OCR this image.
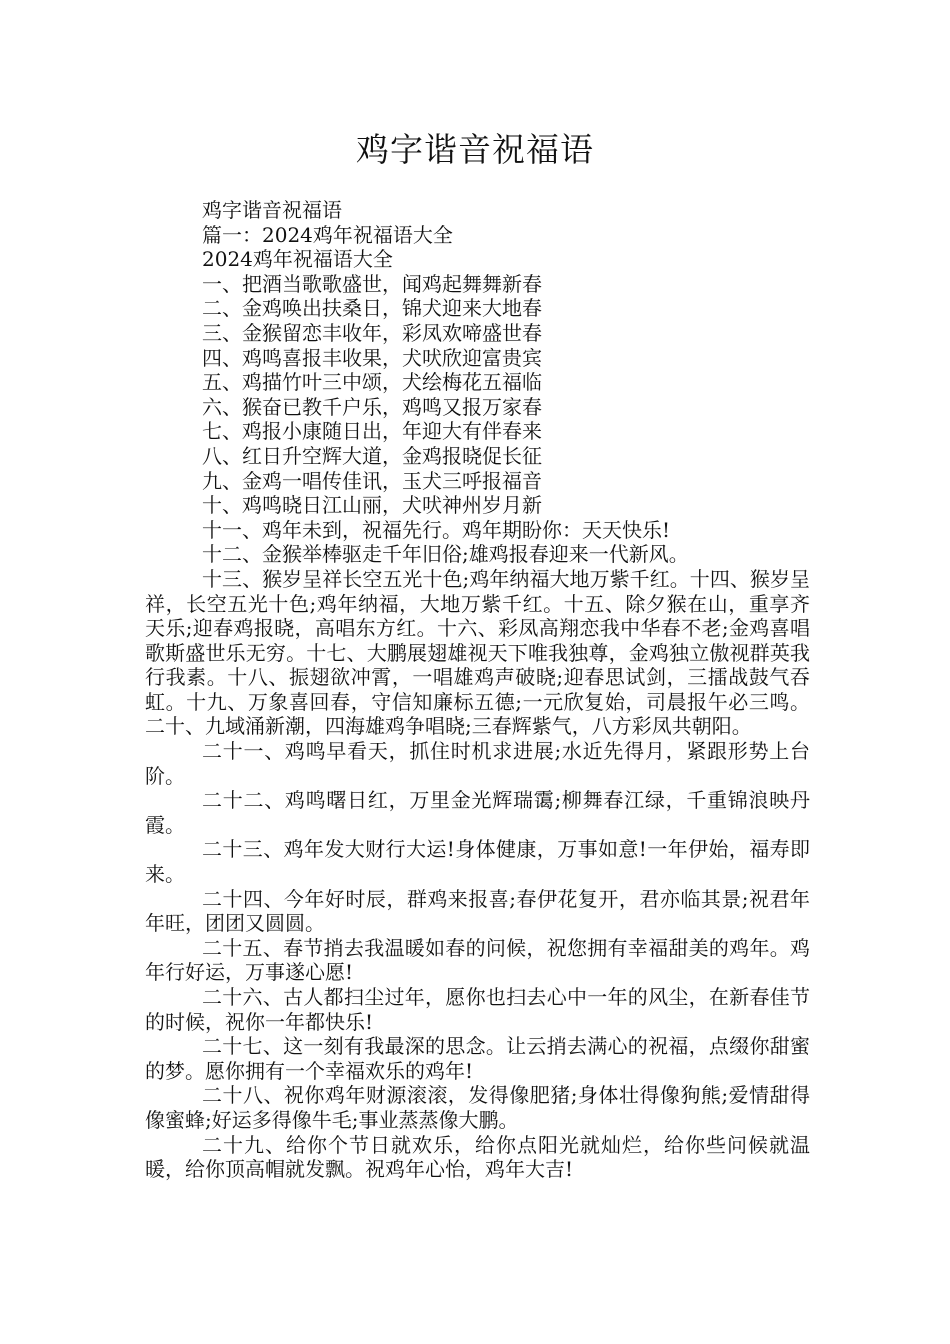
鸡字谐音祝福语

鸡字谐音祝福语

篇一：2024鸡年祝福语大全

2024鸡年祝福语大全

一、把酒当歌歌盛世，闻鸡起舞舞新春

二、金鸡唤出扶桑日，锦犬迎来大地春

三、金猴留恋丰收年，彩凤欢啼盛世春

四、鸡鸣喜报丰收果，犬吠欣迎富贵宾

五、鸡描竹叶三中颂，犬绘梅花五福临

六、猴奋已教千户乐，鸡鸣又报万家春

七、鸡报小康随日出，年迎大有伴春来

八、红日升空辉大道，金鸡报晓促长征

九、金鸡一唱传佳讯，玉犬三呼报福音

十、鸡鸣晓日江山丽，犬吠神州岁月新

十一、鸡年未到，祝福先行。鸡年期盼你：天天快乐!

十二、金猴举棒驱走千年旧俗;雄鸡报春迎来一代新风。

十三、猴岁呈祥长空五光十色;鸡年纳福大地万紫千红。十四、猴岁呈祥，长空五光十色;鸡年纳福，大地万紫千红。十五、除夕猴在山，重享齐天乐;迎春鸡报晓，高唱东方红。十六、彩凤高翔恋我中华春不老;金鸡喜唱歌斯盛世乐无穷。十七、大鹏展翅雄视天下唯我独尊，金鸡独立傲视群英我行我素。十八、振翅欲冲霄，一唱雄鸡声破晓;迎春思试剑，三擂战鼓气吞虹。十九、万象喜回春，守信知廉标五德;一元欣复始，司晨报午必三鸣。二十、九域涌新潮，四海雄鸡争唱晓;三春辉紫气，八方彩凤共朝阳。

二十一、鸡鸣早看天，抓住时机求进展;水近先得月，紧跟形势上台阶。

二十二、鸡鸣曙日红，万里金光辉瑞霭;柳舞春江绿，千重锦浪映丹霞。

二十三、鸡年发大财行大运!身体健康，万事如意!一年伊始，福寿即来。

二十四、今年好时辰，群鸡来报喜;春伊花复开，君亦临其景;祝君年年旺，团团又圆圆。

二十五、春节捎去我温暖如春的问候，祝您拥有幸福甜美的鸡年。鸡年行好运，万事遂心愿!

二十六、古人都扫尘过年，愿你也扫去心中一年的风尘，在新春佳节的时候，祝你一年都快乐!

二十七、这一刻有我最深的思念。让云捎去满心的祝福，点缀你甜蜜的梦。愿你拥有一个幸福欢乐的鸡年!

二十八、祝你鸡年财源滚滚，发得像肥猪;身体壮得像狗熊;爱情甜得像蜜蜂;好运多得像牛毛;事业蒸蒸像大鹏。

二十九、给你个节日就欢乐，给你点阳光就灿烂，给你些问候就温暖，给你顶高帽就发飘。祝鸡年心怡，鸡年大吉!
